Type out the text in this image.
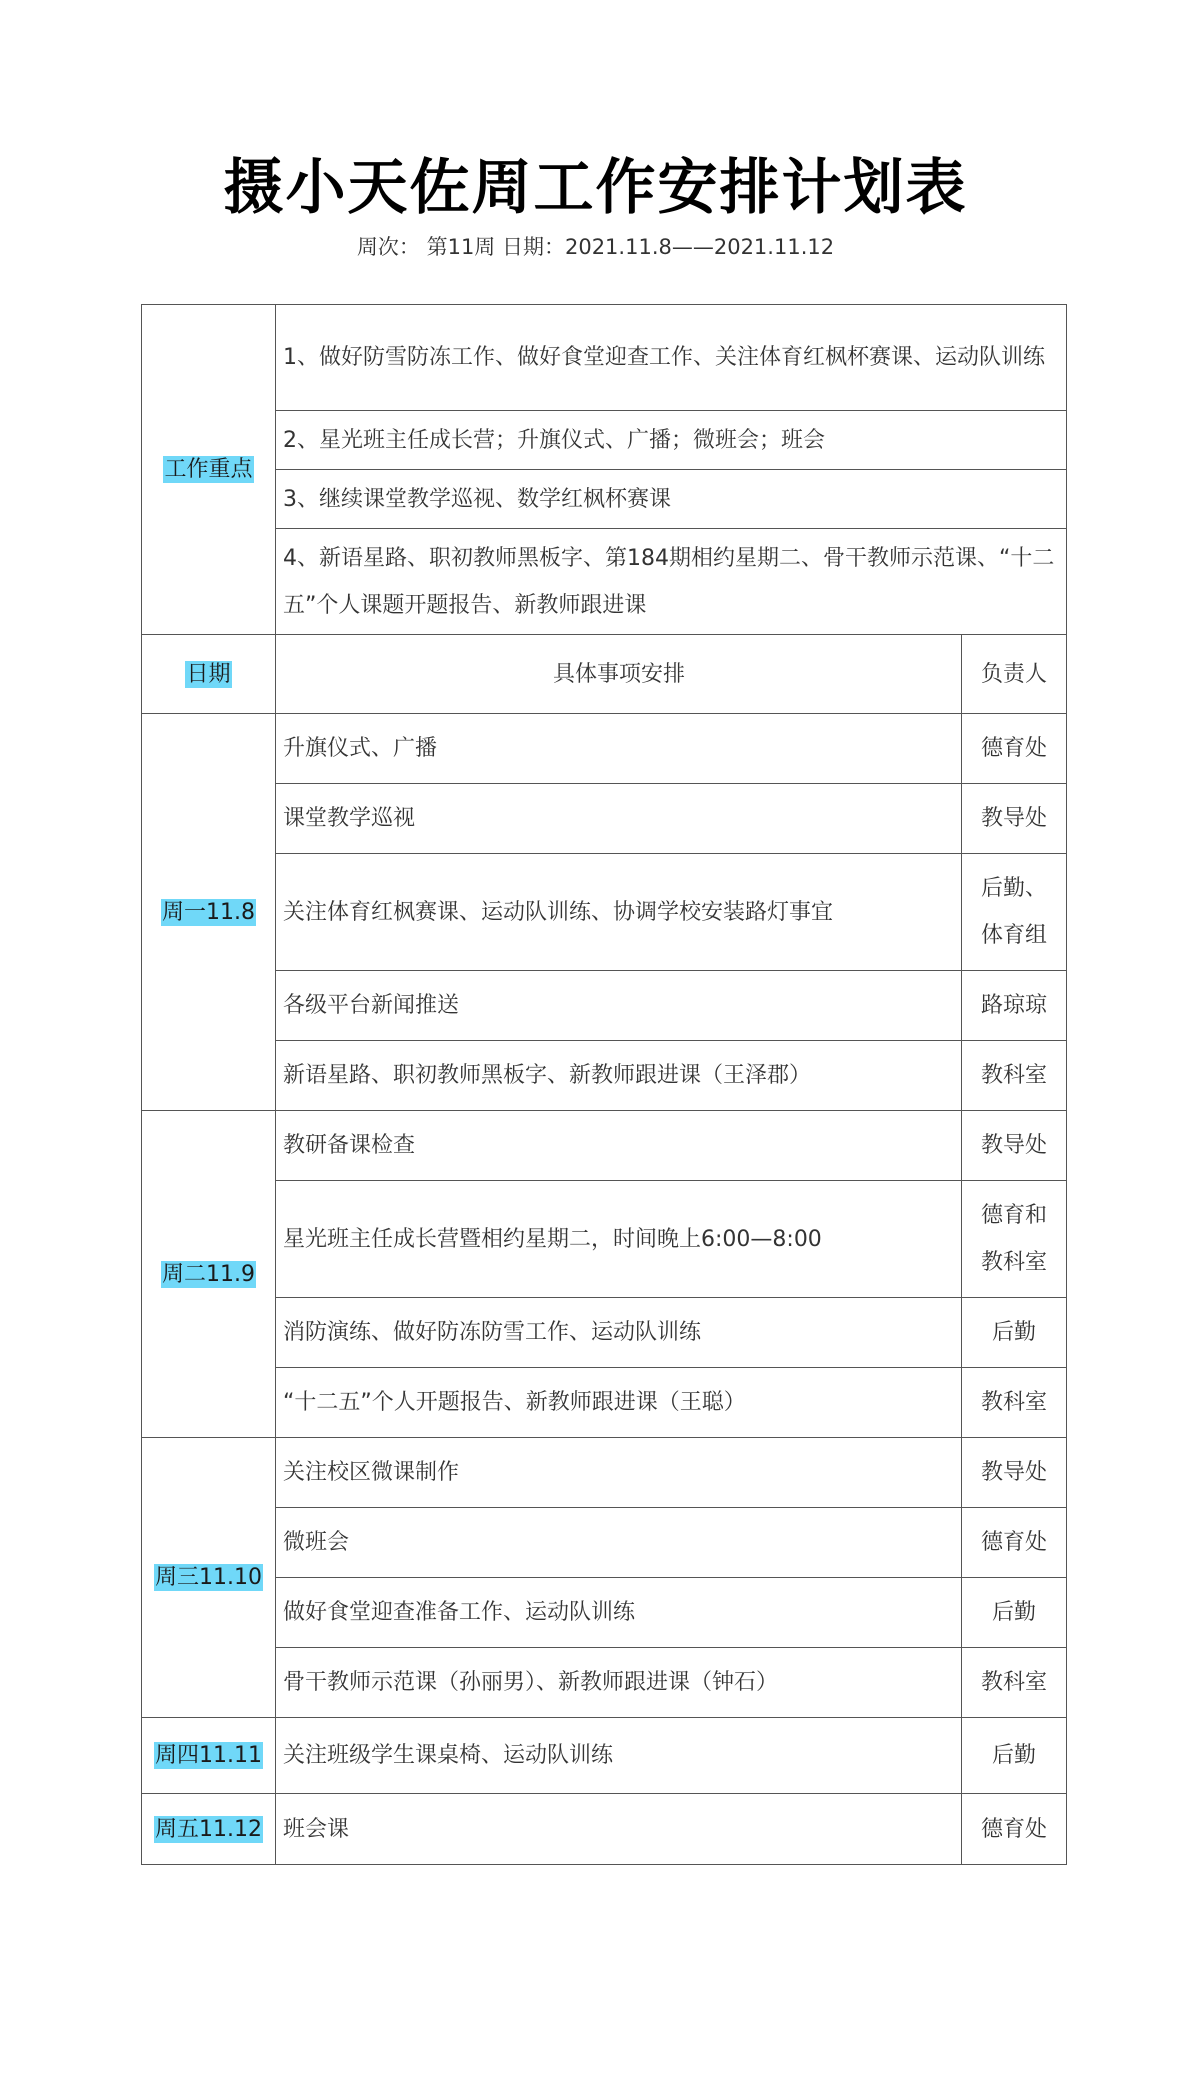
摄小天佐周工作安排计划表
周次： 第11周 日期：2021.11.8——2021.11.12
工作重点	1、做好防雪防冻工作、做好食堂迎查工作、关注体育红枫杯赛课、运动队训练	
	2、星光班主任成长营；升旗仪式、广播；微班会；班会	
	3、继续课堂教学巡视、数学红枫杯赛课	
	4、新语星路、职初教师黑板字、第184期相约星期二、骨干教师示范课、“十二五”个人课题开题报告、新教师跟进课	
日期	具体事项安排	负责人
周一11.8	升旗仪式、广播	德育处
	课堂教学巡视	教导处
	关注体育红枫赛课、运动队训练、协调学校安装路灯事宜	后勤、体育组
	各级平台新闻推送	路琼琼
	新语星路、职初教师黑板字、新教师跟进课（王泽郡）	教科室
周二11.9	教研备课检查	教导处
	星光班主任成长营暨相约星期二，时间晚上6:00—8:00	德育和教科室
	消防演练、做好防冻防雪工作、运动队训练	后勤
	“十二五”个人开题报告、新教师跟进课（王聪）	教科室
周三11.10	关注校区微课制作	教导处
	微班会	德育处
	做好食堂迎查准备工作、运动队训练	后勤
	骨干教师示范课（孙丽男）、新教师跟进课（钟石）	教科室
周四11.11	关注班级学生课桌椅、运动队训练	后勤
周五11.12	班会课	德育处
